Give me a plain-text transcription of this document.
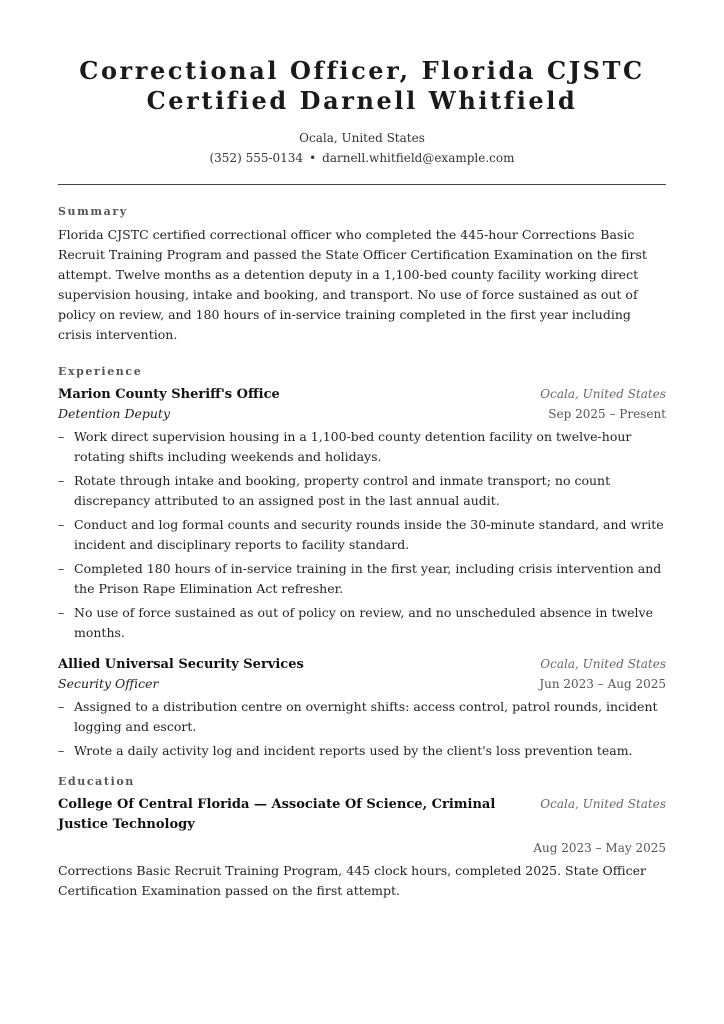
Correctional Officer, Florida CJSTC Certified Darnell Whitfield
Ocala, United States
(352) 555-0134 • darnell.whitfield@example.com
Summary

Florida CJSTC certified correctional officer who completed the 445-hour Corrections Basic Recruit Training Program and passed the State Officer Certification Examination on the first attempt. Twelve months as a detention deputy in a 1,100-bed county facility working direct supervision housing, intake and booking, and transport. No use of force sustained as out of policy on review, and 180 hours of in-service training completed in the first year including crisis intervention.

Experience
Marion County Sheriff's Office	Ocala, United States
Detention Deputy	Sep 2025 – Present
– Work direct supervision housing in a 1,100-bed county detention facility on twelve-hour rotating shifts including weekends and holidays.
– Rotate through intake and booking, property control and inmate transport; no count discrepancy attributed to an assigned post in the last annual audit.
– Conduct and log formal counts and security rounds inside the 30-minute standard, and write incident and disciplinary reports to facility standard.
– Completed 180 hours of in-service training in the first year, including crisis intervention and the Prison Rape Elimination Act refresher.
– No use of force sustained as out of policy on review, and no unscheduled absence in twelve months.
Allied Universal Security Services	Ocala, United States
Security Officer	Jun 2023 – Aug 2025
– Assigned to a distribution centre on overnight shifts: access control, patrol rounds, incident logging and escort.
– Wrote a daily activity log and incident reports used by the client's loss prevention team.
Education
College Of Central Florida — Associate Of Science, Criminal Justice Technology
Ocala, United States
Aug 2023 – May 2025

Corrections Basic Recruit Training Program, 445 clock hours, completed 2025. State Officer Certification Examination passed on the first attempt.
